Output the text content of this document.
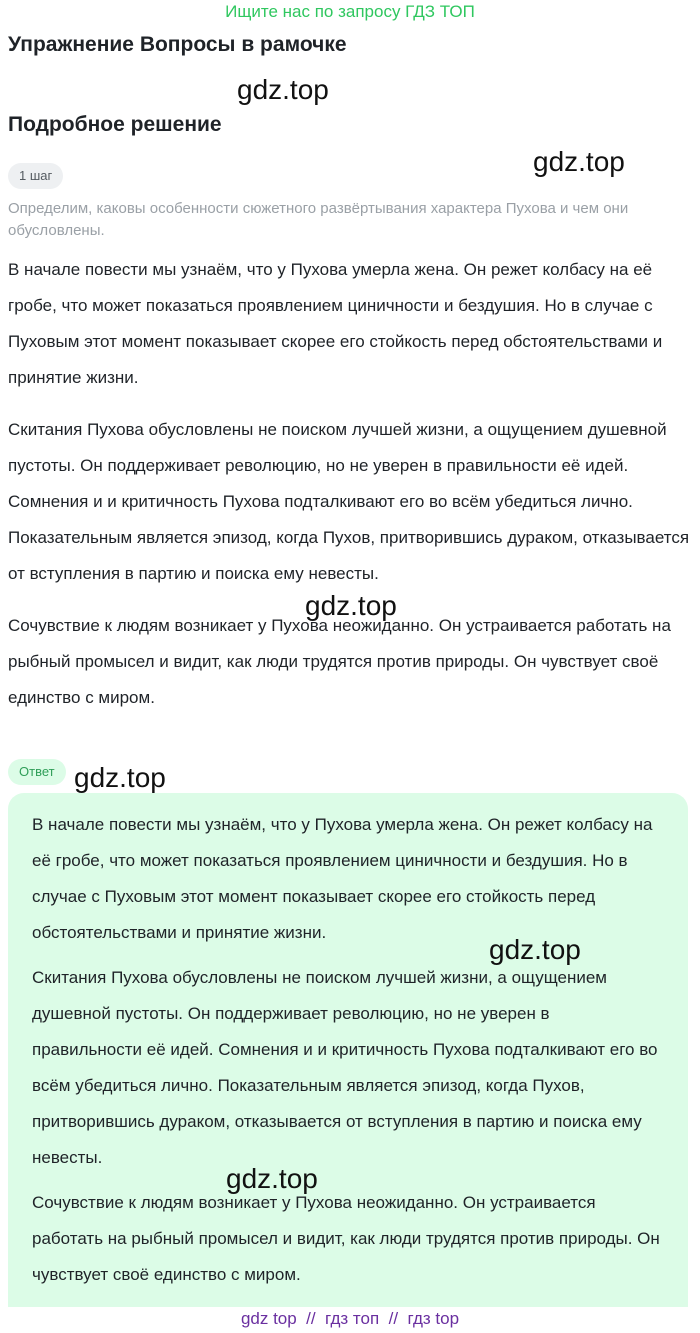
Ищите нас по запросу ГДЗ ТОП
Упражнение Вопросы в рамочке
Подробное решение
1 шаг
Определим, каковы особенности сюжетного развёртывания характера Пухова и чем они обусловлены.

В начале повести мы узнаём, что у Пухова умерла жена. Он режет колбасу на её гробе, что может показаться проявлением циничности и бездушия. Но в случае с Пуховым этот момент показывает скорее его стойкость перед обстоятельствами и принятие жизни.

Скитания Пухова обусловлены не поиском лучшей жизни, а ощущением душевной пустоты. Он поддерживает революцию, но не уверен в правильности её идей. Сомнения и и критичность Пухова подталкивают его во всём убедиться лично. Показательным является эпизод, когда Пухов, притворившись дураком, отказывается от вступления в партию и поиска ему невесты.

Сочувствие к людям возникает у Пухова неожиданно. Он устраивается работать на рыбный промысел и видит, как люди трудятся против природы. Он чувствует своё единство с миром.

Ответ

В начале повести мы узнаём, что у Пухова умерла жена. Он режет колбасу на её гробе, что может показаться проявлением циничности и бездушия. Но в случае с Пуховым этот момент показывает скорее его стойкость перед обстоятельствами и принятие жизни.

Скитания Пухова обусловлены не поиском лучшей жизни, а ощущением душевной пустоты. Он поддерживает революцию, но не уверен в правильности её идей. Сомнения и и критичность Пухова подталкивают его во всём убедиться лично. Показательным является эпизод, когда Пухов, притворившись дураком, отказывается от вступления в партию и поиска ему невесты.

Сочувствие к людям возникает у Пухова неожиданно. Он устраивается работать на рыбный промысел и видит, как люди трудятся против природы. Он чувствует своё единство с миром.

gdz.top
gdz.top
gdz.top
gdz.top
gdz.top
gdz.top
gdz top  //  гдз топ  //  гдз top
